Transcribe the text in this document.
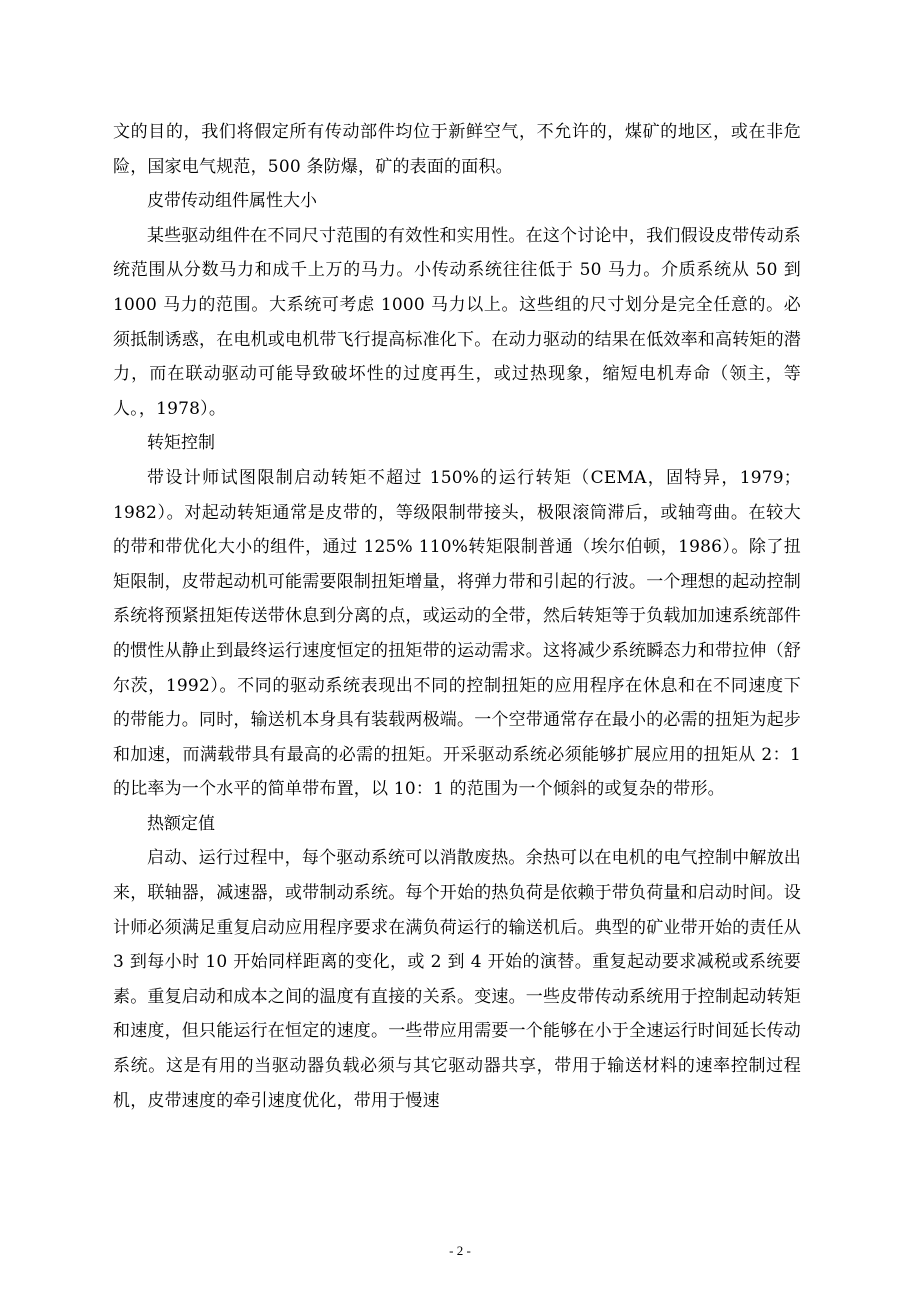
文的目的，我们将假定所有传动部件均位于新鲜空气，不允许的，煤矿的地区，或在非危险，国家电气规范，500 条防爆，矿的表面的面积。

皮带传动组件属性大小

某些驱动组件在不同尺寸范围的有效性和实用性。在这个讨论中，我们假设皮带传动系统范围从分数马力和成千上万的马力。小传动系统往往低于 50 马力。介质系统从 50 到 1000 马力的范围。大系统可考虑 1000 马力以上。这些组的尺寸划分是完全任意的。必须抵制诱惑，在电机或电机带飞行提高标准化下。在动力驱动的结果在低效率和高转矩的潜力，而在联动驱动可能导致破坏性的过度再生，或过热现象，缩短电机寿命（领主，等人。，1978）。

转矩控制

带设计师试图限制启动转矩不超过 150%的运行转矩（CEMA，固特异，1979；1982）。对起动转矩通常是皮带的，等级限制带接头，极限滚筒滞后，或轴弯曲。在较大的带和带优化大小的组件，通过 125% 110%转矩限制普通（埃尔伯顿，1986）。除了扭矩限制，皮带起动机可能需要限制扭矩增量，将弹力带和引起的行波。一个理想的起动控制系统将预紧扭矩传送带休息到分离的点，或运动的全带，然后转矩等于负载加加速系统部件的惯性从静止到最终运行速度恒定的扭矩带的运动需求。这将减少系统瞬态力和带拉伸（舒尔茨，1992）。不同的驱动系统表现出不同的控制扭矩的应用程序在休息和在不同速度下的带能力。同时，输送机本身具有装载两极端。一个空带通常存在最小的必需的扭矩为起步和加速，而满载带具有最高的必需的扭矩。开采驱动系统必须能够扩展应用的扭矩从 2：1 的比率为一个水平的简单带布置，以 10：1 的范围为一个倾斜的或复杂的带形。

热额定值

启动、运行过程中，每个驱动系统可以消散废热。余热可以在电机的电气控制中解放出来，联轴器，减速器，或带制动系统。每个开始的热负荷是依赖于带负荷量和启动时间。设计师必须满足重复启动应用程序要求在满负荷运行的输送机后。典型的矿业带开始的责任从 3 到每小时 10 开始同样距离的变化，或 2 到 4 开始的演替。重复起动要求减税或系统要素。重复启动和成本之间的温度有直接的关系。变速。一些皮带传动系统用于控制起动转矩和速度，但只能运行在恒定的速度。一些带应用需要一个能够在小于全速运行时间延长传动系统。这是有用的当驱动器负载必须与其它驱动器共享，带用于输送材料的速率控制过程机，皮带速度的牵引速度优化，带用于慢速

- 2 -
